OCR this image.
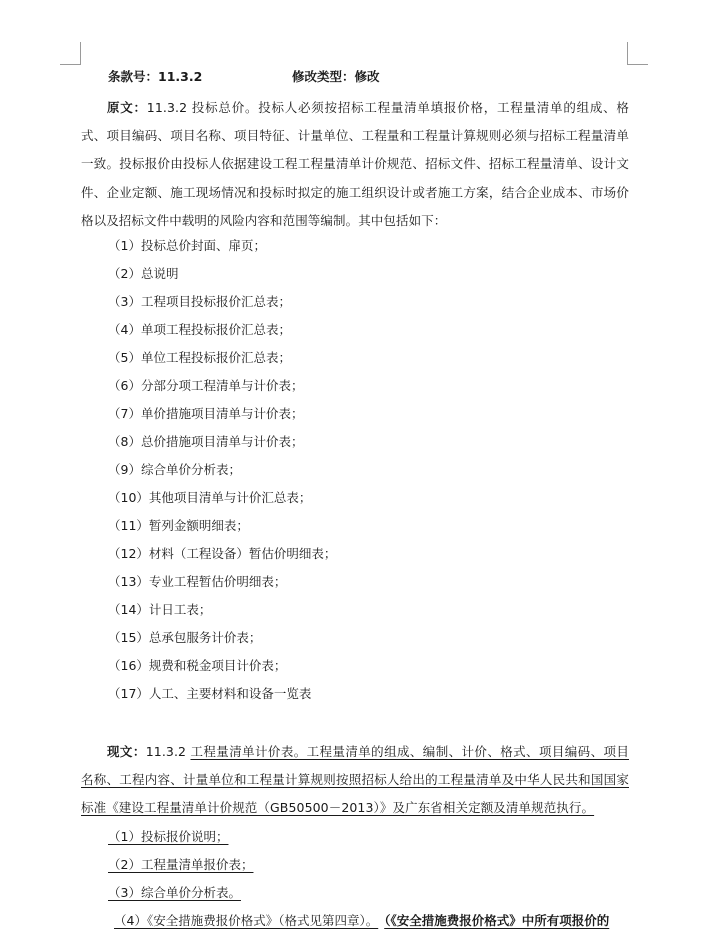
条款号：11.3.2	修改类型：修改
原文：11.3.2 投标总价。投标人必须按招标工程量清单填报价格，工程量清单的组成、格式、项目编码、项目名称、项目特征、计量单位、工程量和工程量计算规则必须与招标工程量清单一致。投标报价由投标人依据建设工程工程量清单计价规范、招标文件、招标工程量清单、设计文件、企业定额、施工现场情况和投标时拟定的施工组织设计或者施工方案，结合企业成本、市场价格以及招标文件中载明的风险内容和范围等编制。其中包括如下：
（1）投标总价封面、扉页；
（2）总说明
（3）工程项目投标报价汇总表；
（4）单项工程投标报价汇总表；
（5）单位工程投标报价汇总表；
（6）分部分项工程清单与计价表；
（7）单价措施项目清单与计价表；
（8）总价措施项目清单与计价表；
（9）综合单价分析表；
（10）其他项目清单与计价汇总表；
（11）暂列金额明细表；
（12）材料（工程设备）暂估价明细表；
（13）专业工程暂估价明细表；
（14）计日工表；
（15）总承包服务计价表；
（16）规费和税金项目计价表；
（17）人工、主要材料和设备一览表
现文：11.3.2 工程量清单计价表。工程量清单的组成、编制、计价、格式、项目编码、项目名称、工程内容、计量单位和工程量计算规则按照招标人给出的工程量清单及中华人民共和国国家标准《建设工程量清单计价规范（GB50500－2013）》及广东省相关定额及清单规范执行。
（1）投标报价说明；
（2）工程量清单报价表；
（3）综合单价分析表。
（4）《安全措施费报价格式》（格式见第四章）。 （《安全措施费报价格式》中所有项报价的
